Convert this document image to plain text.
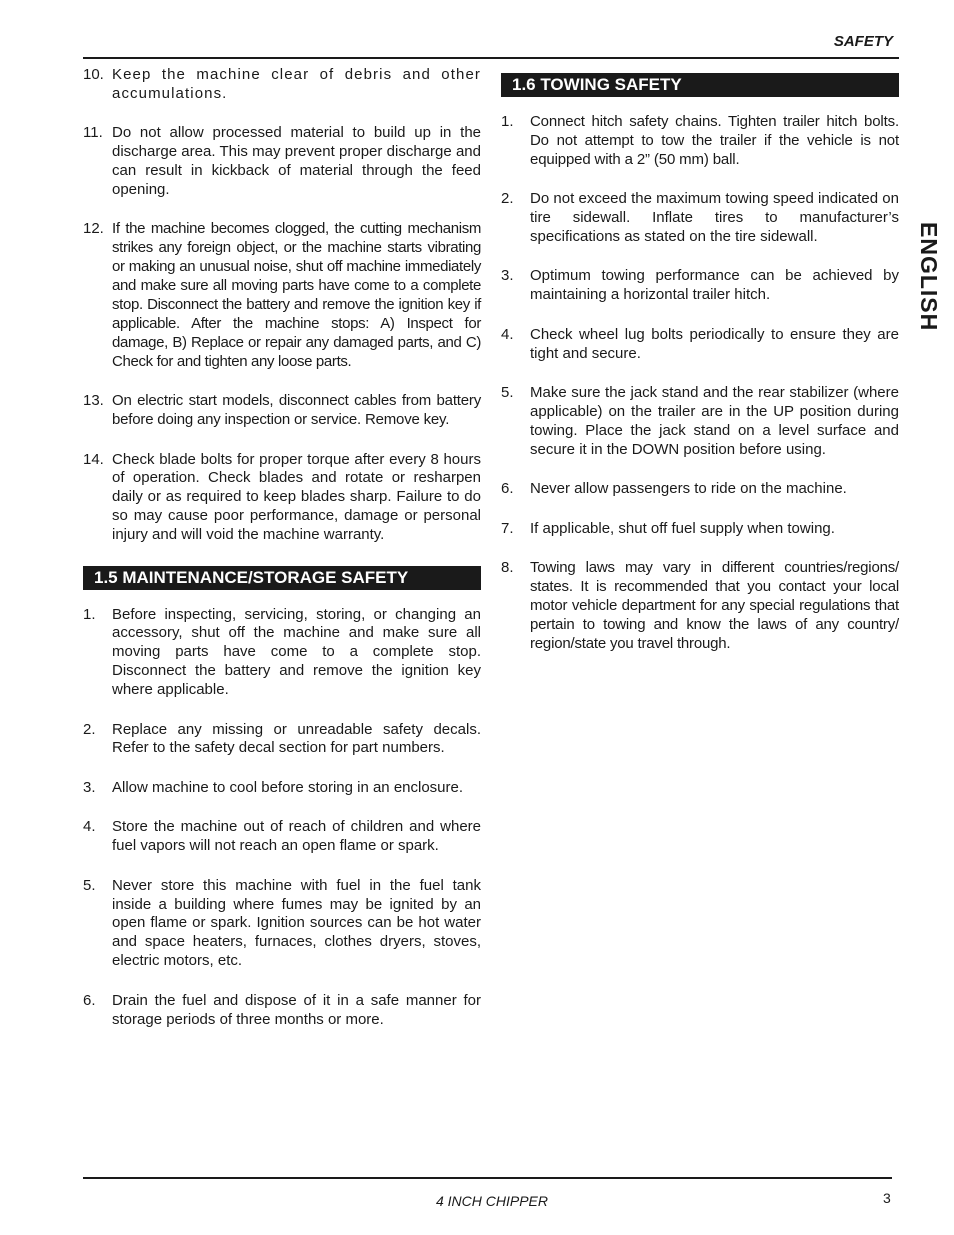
SAFETY
ENGLISH
10. Keep the machine clear of debris and other accumulations.
11. Do not allow processed material to build up in the discharge area. This may prevent proper discharge and can result in kickback of material through the feed opening.
12. If the machine becomes clogged, the cutting mechanism strikes any foreign object, or the machine starts vibrating or making an unusual noise, shut off machine immediately and make sure all moving parts have come to a complete stop. Disconnect the battery and remove the ignition key if applicable. After the machine stops: A) Inspect for damage, B) Replace or repair any damaged parts, and C) Check for and tighten any loose parts.
13. On electric start models, disconnect cables from battery before doing any inspection or service. Remove key.
14. Check blade bolts for proper torque after every 8 hours of operation. Check blades and rotate or resharpen daily or as required to keep blades sharp. Failure to do so may cause poor performance, damage or personal injury and will void the machine warranty.
1.5 MAINTENANCE/STORAGE SAFETY
1.	Before inspecting, servicing, storing, or changing an accessory, shut off the machine and make sure all moving parts have come to a complete stop. Disconnect the battery and remove the ignition key where applicable.
2.	Replace any missing or unreadable safety decals. Refer to the safety decal section for part numbers.
3.	Allow machine to cool before storing in an enclosure.
4.	Store the machine out of reach of children and where fuel vapors will not reach an open flame or spark.
5.	Never store this machine with fuel in the fuel tank inside a building where fumes may be ignited by an open flame or spark. Ignition sources can be hot water and space heaters, furnaces, clothes dryers, stoves, electric motors, etc.
6.	Drain the fuel and dispose of it in a safe manner for storage periods of three months or more.
1.6 TOWING SAFETY
1.	Connect hitch safety chains. Tighten trailer hitch bolts. Do not attempt to tow the trailer if the vehicle is not equipped with a 2” (50 mm) ball.
2.	Do not exceed the maximum towing speed indicated on tire sidewall. Inflate tires to manufacturer’s specifications as stated on the tire sidewall.
3.	Optimum towing performance can be achieved by maintaining a horizontal trailer hitch.
4.	Check wheel lug bolts periodically to ensure they are tight and secure.
5.	Make sure the jack stand and the rear stabilizer (where applicable) on the trailer are in the UP position during towing. Place the jack stand on a level surface and secure it in the DOWN position before using.
6.	Never allow passengers to ride on the machine.
7.	If applicable, shut off fuel supply when towing.
8.	Towing laws may vary in different countries/regions/ states. It is recommended that you contact your local motor vehicle department for any special regulations that pertain to towing and know the laws of any country/ region/state you travel through.
4 INCH CHIPPER	3
